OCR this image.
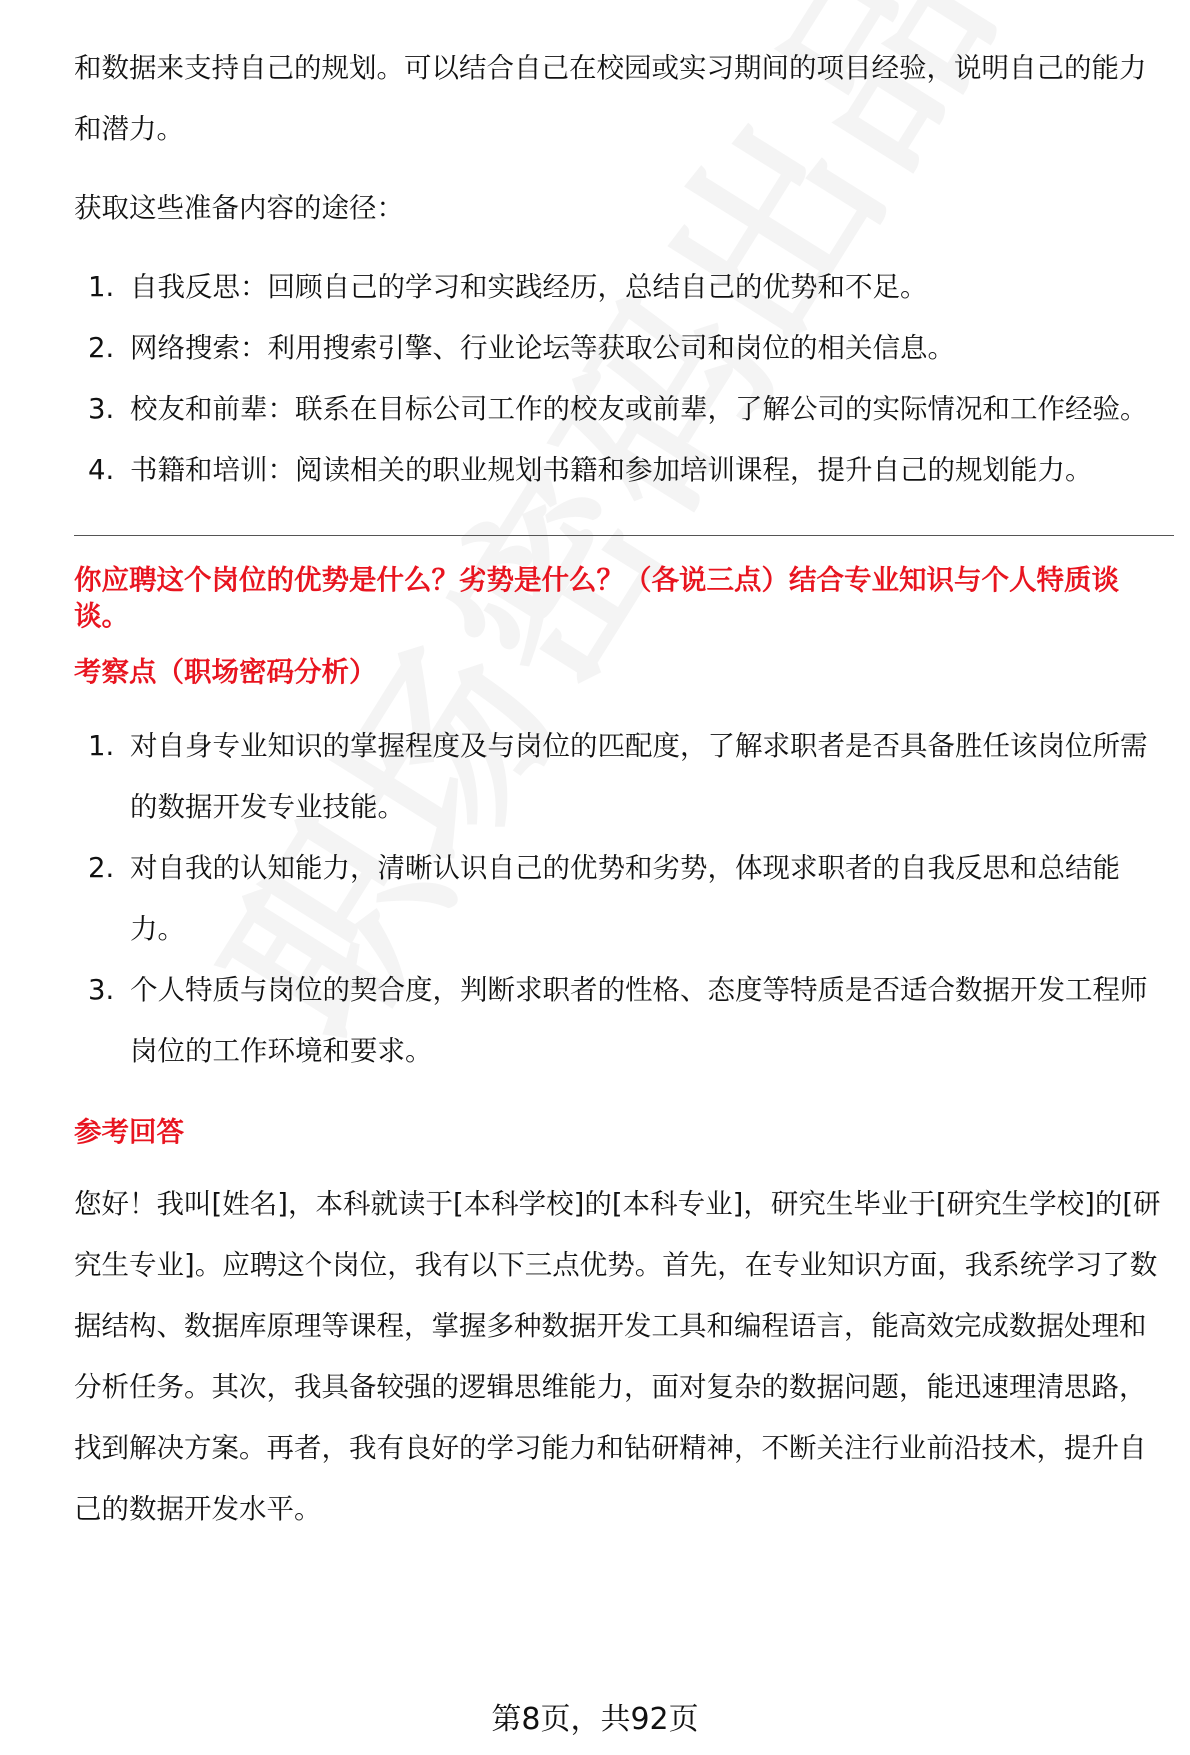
和数据来支持自己的规划。可以结合自己在校园或实习期间的项目经验，说明自己的能力和潜力。

获取这些准备内容的途径：

1. 自我反思：回顾自己的学习和实践经历，总结自己的优势和不足。
2. 网络搜索：利用搜索引擎、行业论坛等获取公司和岗位的相关信息。
3. 校友和前辈：联系在目标公司工作的校友或前辈，了解公司的实际情况和工作经验。
4. 书籍和培训：阅读相关的职业规划书籍和参加培训课程，提升自己的规划能力。

你应聘这个岗位的优势是什么？劣势是什么？（各说三点）结合专业知识与个人特质谈谈。

考察点（职场密码分析）

1. 对自身专业知识的掌握程度及与岗位的匹配度，了解求职者是否具备胜任该岗位所需的数据开发专业技能。
2. 对自我的认知能力，清晰认识自己的优势和劣势，体现求职者的自我反思和总结能力。
3. 个人特质与岗位的契合度，判断求职者的性格、态度等特质是否适合数据开发工程师岗位的工作环境和要求。

参考回答

您好！我叫[姓名]，本科就读于[本科学校]的[本科专业]，研究生毕业于[研究生学校]的[研究生专业]。应聘这个岗位，我有以下三点优势。首先，在专业知识方面，我系统学习了数据结构、数据库原理等课程，掌握多种数据开发工具和编程语言，能高效完成数据处理和分析任务。其次，我具备较强的逻辑思维能力，面对复杂的数据问题，能迅速理清思路，找到解决方案。再者，我有良好的学习能力和钻研精神，不断关注行业前沿技术，提升自己的数据开发水平。

第8页，共92页
